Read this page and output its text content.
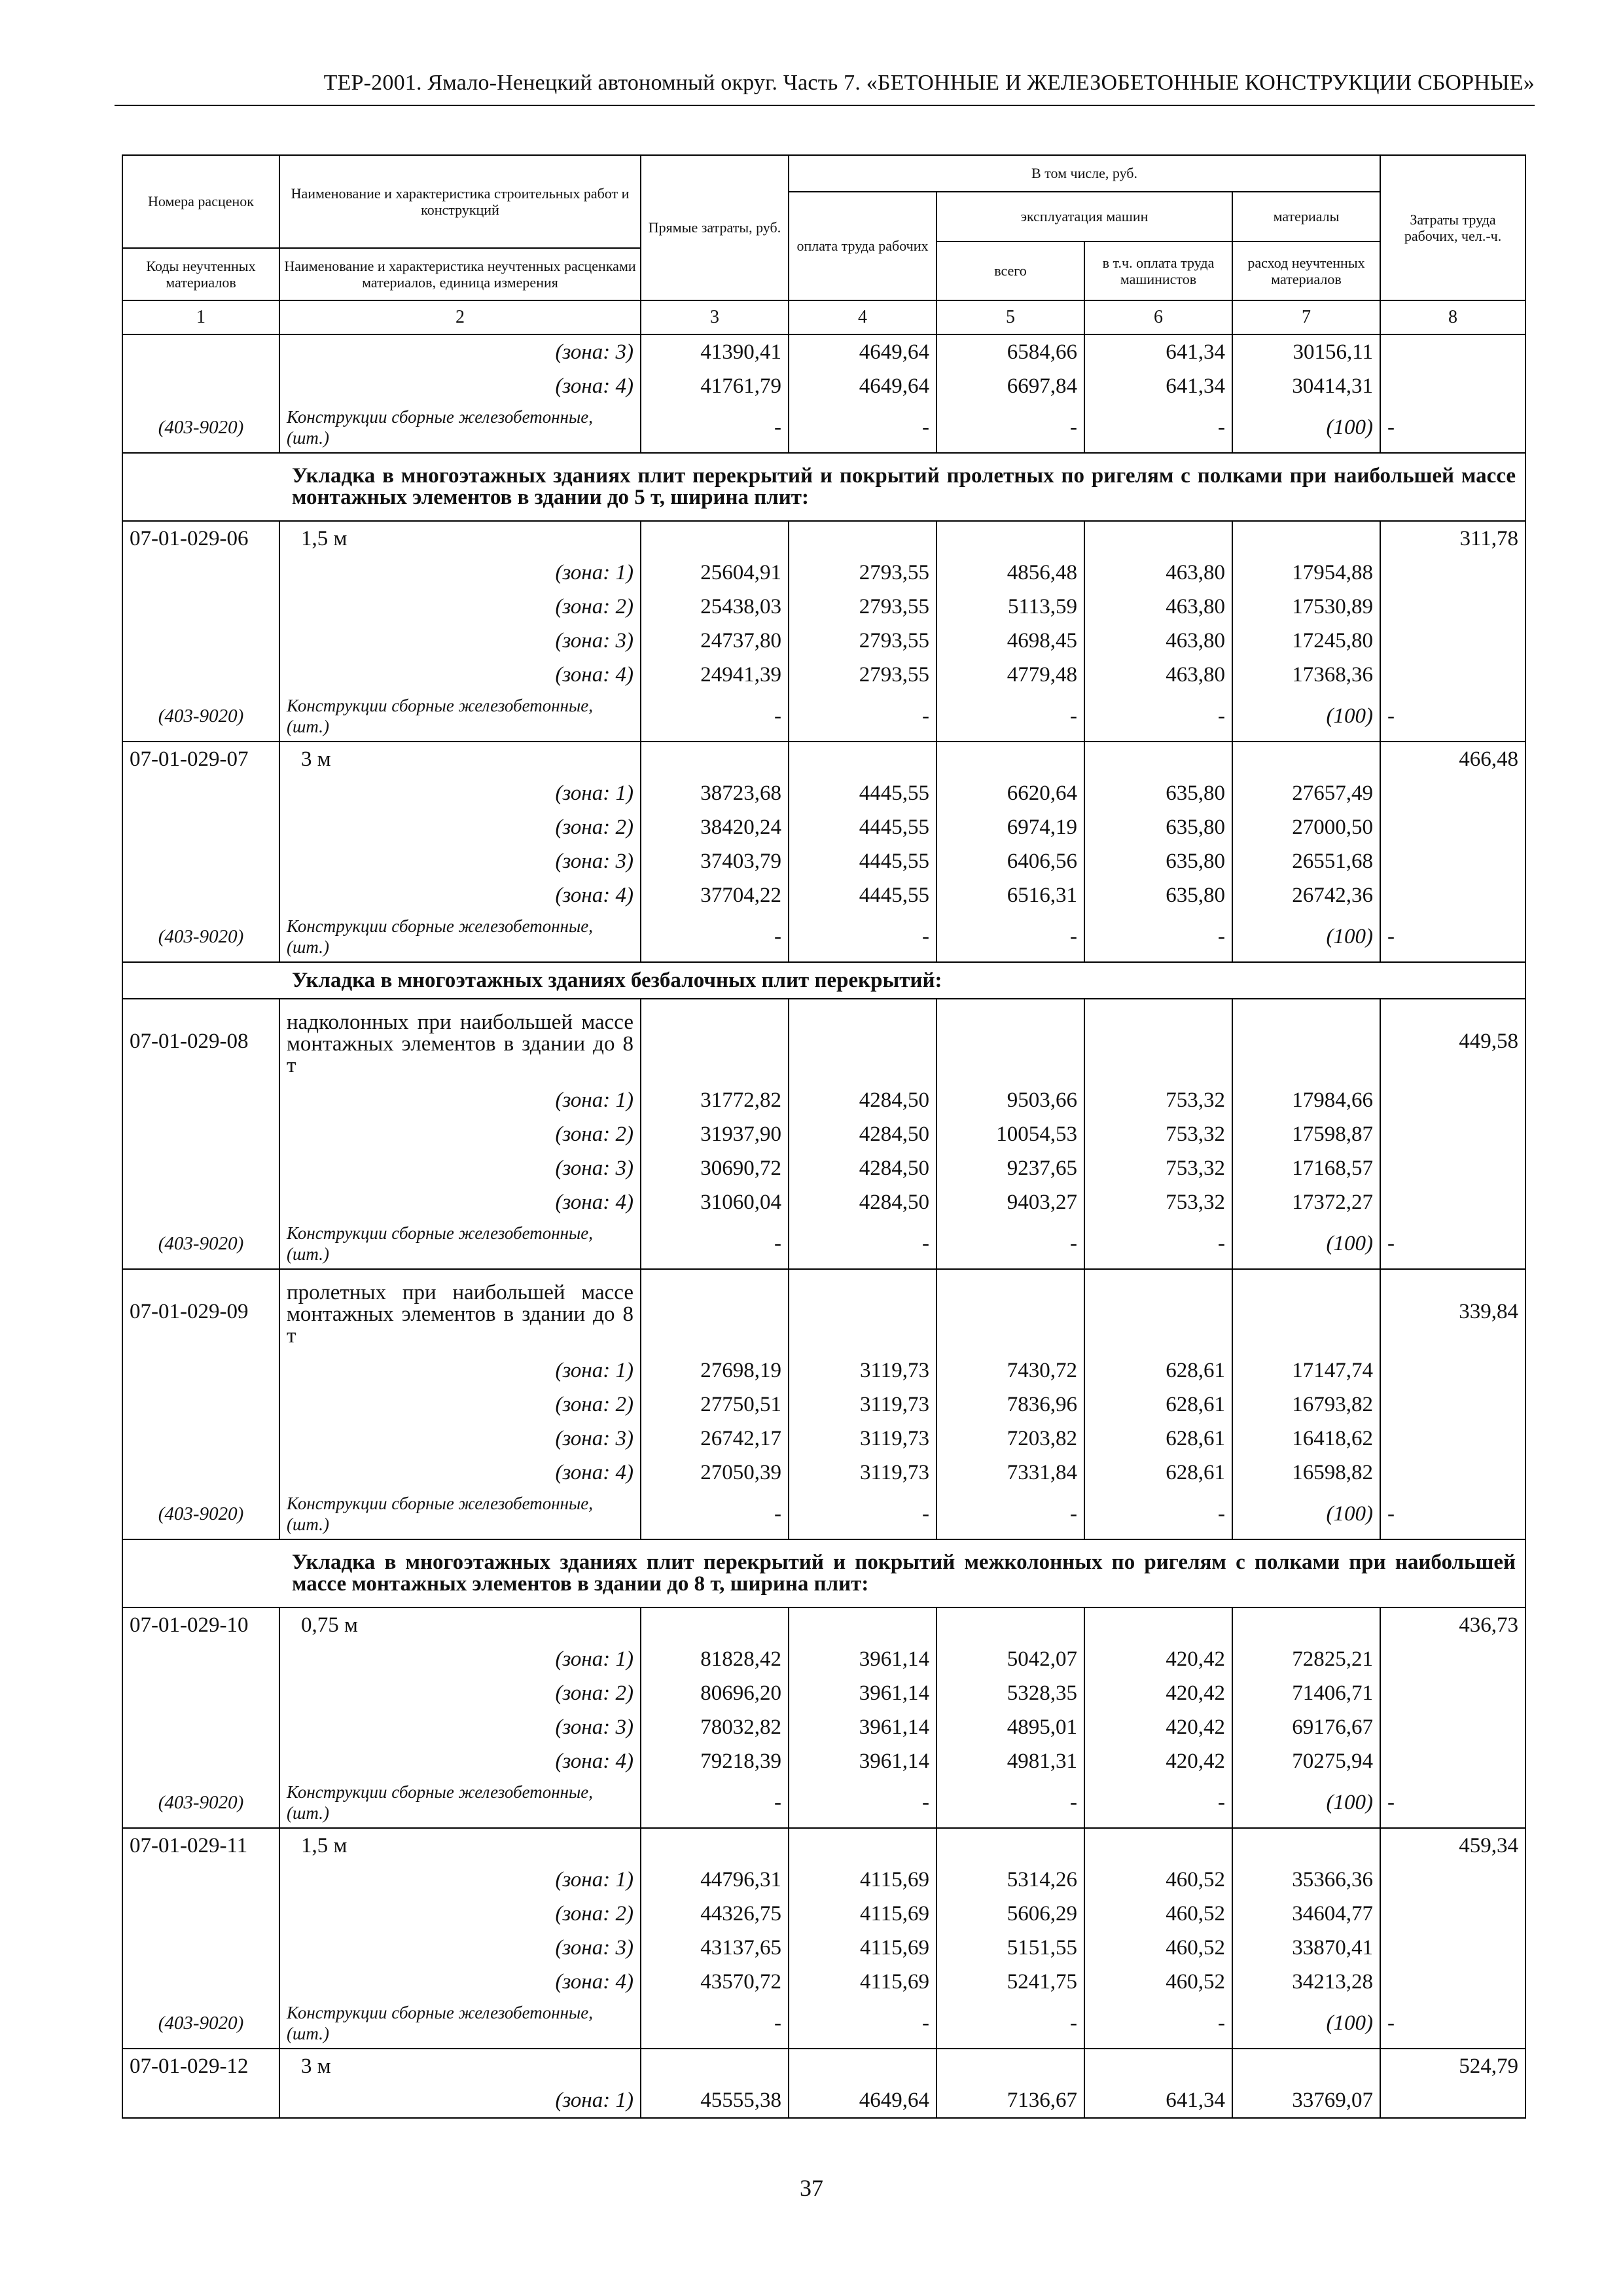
ТЕР-2001. Ямало-Ненецкий автономный округ. Часть 7. «БЕТОННЫЕ И ЖЕЛЕЗОБЕТОННЫЕ КОНСТРУКЦИИ СБОРНЫЕ»
Номера расценок	Наименование и характеристика строительных работ и конструкций	Прямые затраты, руб.	В том числе, руб.				Затраты труда рабочих, чел.-ч.
			оплата труда рабочих	эксплуатация машин		материалы	
				всего	в т.ч. оплата труда машинистов	расход неучтенных материалов	
Коды неучтенных материалов	Наименование и характеристика неучтенных расценками материалов, единица измерения						
1	2	3	4	5	6	7	8
	(зона: 3)	41390,41	4649,64	6584,66	641,34	30156,11	
	(зона: 4)	41761,79	4649,64	6697,84	641,34	30414,31	
(403-9020)	Конструкции сборные железобетонные, (шт.)	-	-	-	-	(100)	-
Укладка в многоэтажных зданиях плит перекрытий и покрытий пролетных по ригелям с полками при наибольшей массе монтажных элементов в здании до 5 т, ширина плит:							
07-01-029-06	1,5 м						311,78
	(зона: 1)	25604,91	2793,55	4856,48	463,80	17954,88	
	(зона: 2)	25438,03	2793,55	5113,59	463,80	17530,89	
	(зона: 3)	24737,80	2793,55	4698,45	463,80	17245,80	
	(зона: 4)	24941,39	2793,55	4779,48	463,80	17368,36	
(403-9020)	Конструкции сборные железобетонные, (шт.)	-	-	-	-	(100)	-
07-01-029-07	3 м						466,48
	(зона: 1)	38723,68	4445,55	6620,64	635,80	27657,49	
	(зона: 2)	38420,24	4445,55	6974,19	635,80	27000,50	
	(зона: 3)	37403,79	4445,55	6406,56	635,80	26551,68	
	(зона: 4)	37704,22	4445,55	6516,31	635,80	26742,36	
(403-9020)	Конструкции сборные железобетонные, (шт.)	-	-	-	-	(100)	-
Укладка в многоэтажных зданиях безбалочных плит перекрытий:							
07-01-029-08	надколонных при наибольшей массе монтажных элементов в здании до 8 т						449,58
	(зона: 1)	31772,82	4284,50	9503,66	753,32	17984,66	
	(зона: 2)	31937,90	4284,50	10054,53	753,32	17598,87	
	(зона: 3)	30690,72	4284,50	9237,65	753,32	17168,57	
	(зона: 4)	31060,04	4284,50	9403,27	753,32	17372,27	
(403-9020)	Конструкции сборные железобетонные, (шт.)	-	-	-	-	(100)	-
07-01-029-09	пролетных при наибольшей массе монтажных элементов в здании до 8 т						339,84
	(зона: 1)	27698,19	3119,73	7430,72	628,61	17147,74	
	(зона: 2)	27750,51	3119,73	7836,96	628,61	16793,82	
	(зона: 3)	26742,17	3119,73	7203,82	628,61	16418,62	
	(зона: 4)	27050,39	3119,73	7331,84	628,61	16598,82	
(403-9020)	Конструкции сборные железобетонные, (шт.)	-	-	-	-	(100)	-
Укладка в многоэтажных зданиях плит перекрытий и покрытий межколонных по ригелям с полками при наибольшей массе монтажных элементов в здании до 8 т, ширина плит:							
07-01-029-10	0,75 м						436,73
	(зона: 1)	81828,42	3961,14	5042,07	420,42	72825,21	
	(зона: 2)	80696,20	3961,14	5328,35	420,42	71406,71	
	(зона: 3)	78032,82	3961,14	4895,01	420,42	69176,67	
	(зона: 4)	79218,39	3961,14	4981,31	420,42	70275,94	
(403-9020)	Конструкции сборные железобетонные, (шт.)	-	-	-	-	(100)	-
07-01-029-11	1,5 м						459,34
	(зона: 1)	44796,31	4115,69	5314,26	460,52	35366,36	
	(зона: 2)	44326,75	4115,69	5606,29	460,52	34604,77	
	(зона: 3)	43137,65	4115,69	5151,55	460,52	33870,41	
	(зона: 4)	43570,72	4115,69	5241,75	460,52	34213,28	
(403-9020)	Конструкции сборные железобетонные, (шт.)	-	-	-	-	(100)	-
07-01-029-12	3 м						524,79
	(зона: 1)	45555,38	4649,64	7136,67	641,34	33769,07	
37
